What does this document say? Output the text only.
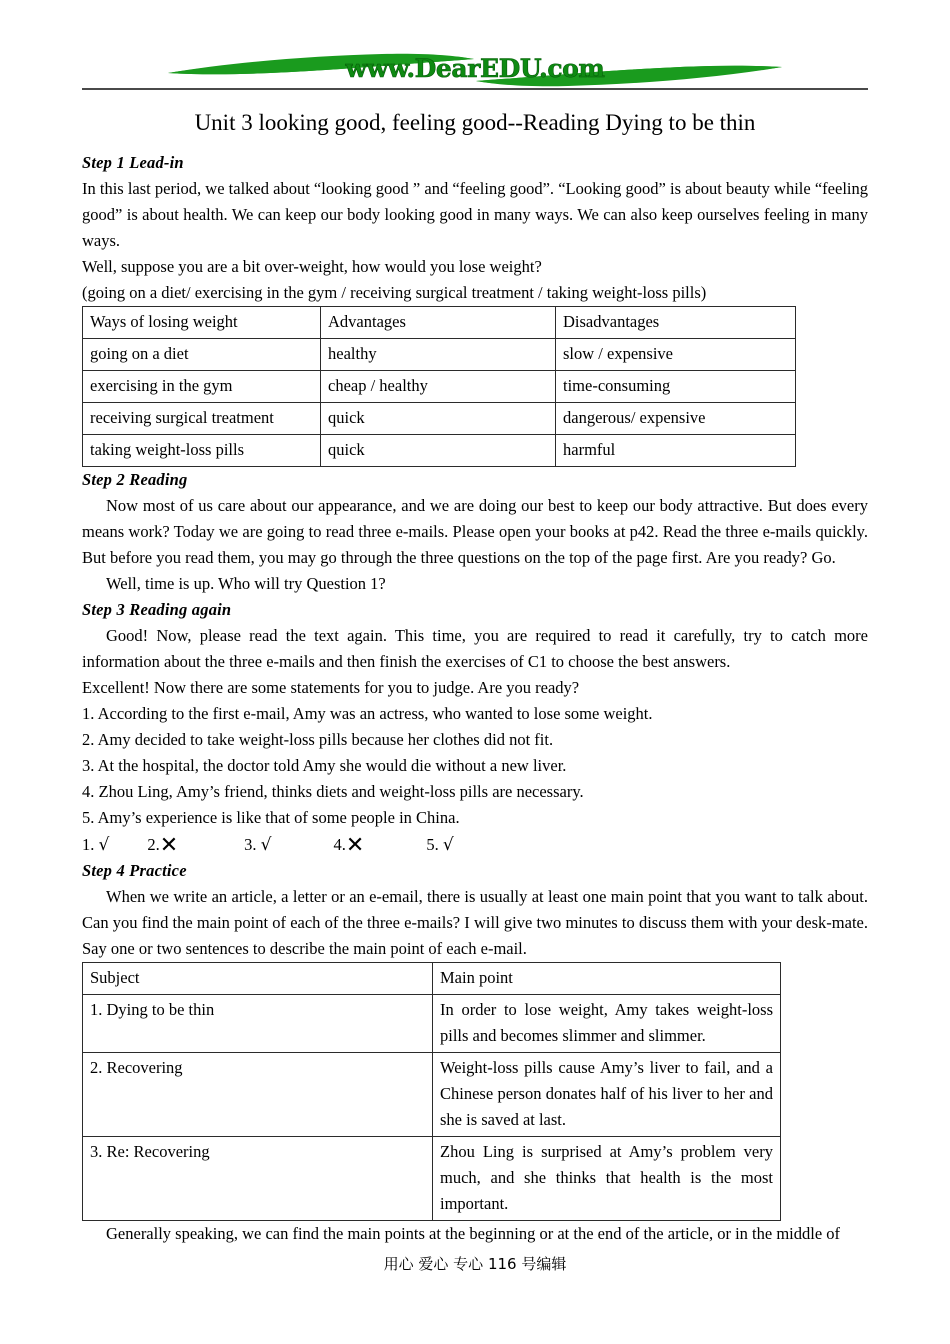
www.DearEDU.com
Unit 3 looking good, feeling good--Reading Dying to be thin
Step 1 Lead-in

In this last period, we talked about “looking good ” and “feeling good”. “Looking good” is about beauty while “feeling good” is about health. We can keep our body looking good in many ways. We can also keep ourselves feeling in many ways.

Well, suppose you are a bit over-weight, how would you lose weight?

(going on a diet/ exercising in the gym / receiving surgical treatment / taking weight-loss pills)

Ways of losing weight	Advantages	Disadvantages
going on a diet	healthy	slow / expensive
exercising in the gym	cheap / healthy	time-consuming
receiving surgical treatment	quick	dangerous/ expensive
taking weight-loss pills	quick	harmful
Step 2 Reading

Now most of us care about our appearance, and we are doing our best to keep our body attractive. But does every means work? Today we are going to read three e-mails. Please open your books at p42. Read the three e-mails quickly. But before you read them, you may go through the three questions on the top of the page first. Are you ready? Go.

Well, time is up. Who will try Question 1?

Step 3 Reading again

Good! Now, please read the text again. This time, you are required to read it carefully, try to catch more information about the three e-mails and then finish the exercises of C1 to choose the best answers.

Excellent! Now there are some statements for you to judge. Are you ready?

1. According to the first e-mail, Amy was an actress, who wanted to lose some weight.

2. Amy decided to take weight-loss pills because her clothes did not fit.

3. At the hospital, the doctor told Amy she would die without a new liver.

4. Zhou Ling, Amy’s friend, thinks diets and weight-loss pills are necessary.

5. Amy’s experience is like that of some people in China.

1. √ 2.✕	3. √	4.✕	5. √

Step 4 Practice

When we write an article, a letter or an e-email, there is usually at least one main point that you want to talk about. Can you find the main point of each of the three e-mails? I will give two minutes to discuss them with your desk-mate. Say one or two sentences to describe the main point of each e-mail.

Subject	Main point
1. Dying to be thin	In order to lose weight, Amy takes weight-loss pills and becomes slimmer and slimmer.
2. Recovering	Weight-loss pills cause Amy’s liver to fail, and a Chinese person donates half of his liver to her and she is saved at last.
3. Re: Recovering	Zhou Ling is surprised at Amy’s problem very much, and she thinks that health is the most important.

Generally speaking, we can find the main points at the beginning or at the end of the article, or in the middle of

用心 爱心 专心 116 号编辑
